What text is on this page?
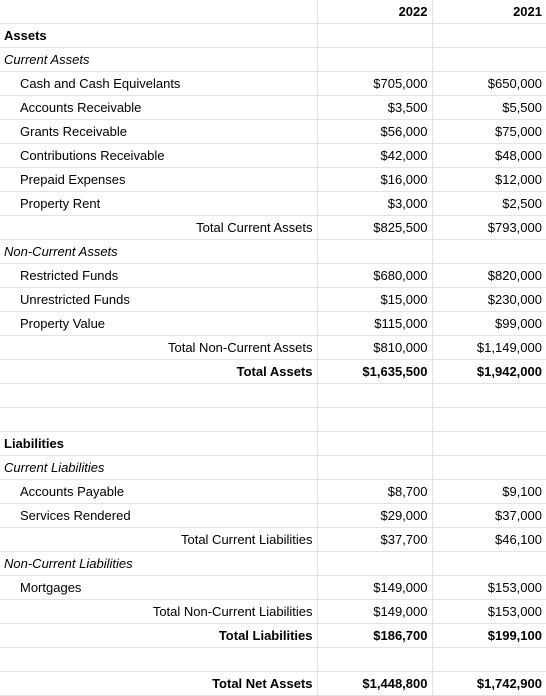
	2022	2021
Assets		
Current Assets		
Cash and Cash Equivelants	$705,000	$650,000
Accounts Receivable	$3,500	$5,500
Grants Receivable	$56,000	$75,000
Contributions Receivable	$42,000	$48,000
Prepaid Expenses	$16,000	$12,000
Property Rent	$3,000	$2,500
Total Current Assets	$825,500	$793,000
Non-Current Assets		
Restricted Funds	$680,000	$820,000
Unrestricted Funds	$15,000	$230,000
Property Value	$115,000	$99,000
Total Non-Current Assets	$810,000	$1,149,000
Total Assets	$1,635,500	$1,942,000

Liabilities		
Current Liabilities		
Accounts Payable	$8,700	$9,100
Services Rendered	$29,000	$37,000
Total Current Liabilities	$37,700	$46,100
Non-Current Liabilities		
Mortgages	$149,000	$153,000
Total Non-Current Liabilities	$149,000	$153,000
Total Liabilities	$186,700	$199,100

Total Net Assets	$1,448,800	$1,742,900
